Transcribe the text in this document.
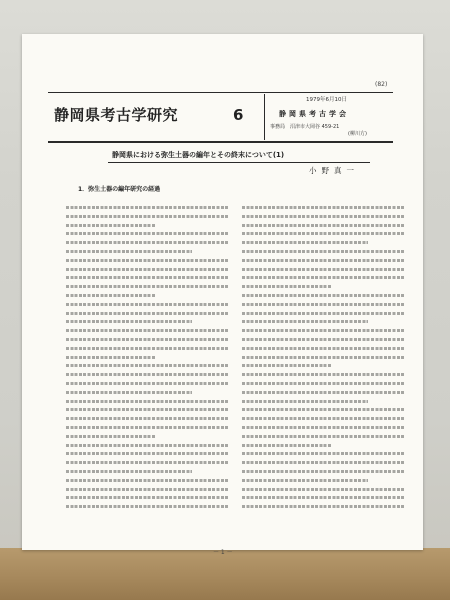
(82)
静岡県考古学研究	6
1979年6月10日
静岡県考古学会
事務局　沼津市大岡谷 459-21
(柳川方)
静岡県における弥生土器の編年とその終末について(1)
小野真一
1．弥生土器の編年研究の経過
－ 1 －
